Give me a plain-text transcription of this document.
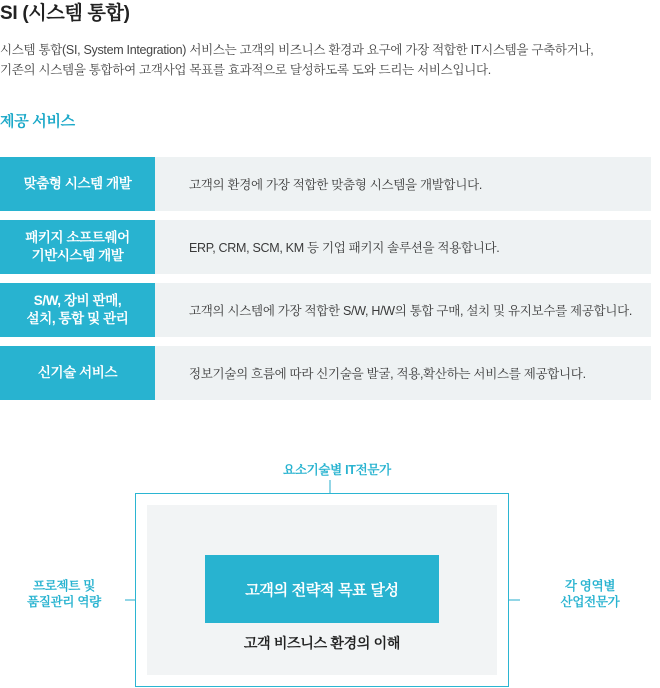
SI (시스템 통합)
시스템 통합(SI, System Integration) 서비스는 고객의 비즈니스 환경과 요구에 가장 적합한 IT시스템을 구축하거나,
기존의 시스템을 통합하여 고객사업 목표를 효과적으로 달성하도록 도와 드리는 서비스입니다.
제공 서비스
맞춤형 시스템 개발	고객의 환경에 가장 적합한 맞춤형 시스템을 개발합니다.
패키지 소프트웨어
기반시스템 개발	ERP, CRM, SCM, KM 등 기업 패키지 솔루션을 적용합니다.
S/W, 장비 판매,
설치, 통합 및 관리	고객의 시스템에 가장 적합한 S/W, H/W의 통합 구매, 설치 및 유지보수를 제공합니다.
신기술 서비스	정보기술의 흐름에 따라 신기술을 발굴, 적용,확산하는 서비스를 제공합니다.
요소기술별 IT전문가
프로젝트 및
품질관리 역량
각 영역별
산업전문가
고객의 전략적 목표 달성
고객 비즈니스 환경의 이해
